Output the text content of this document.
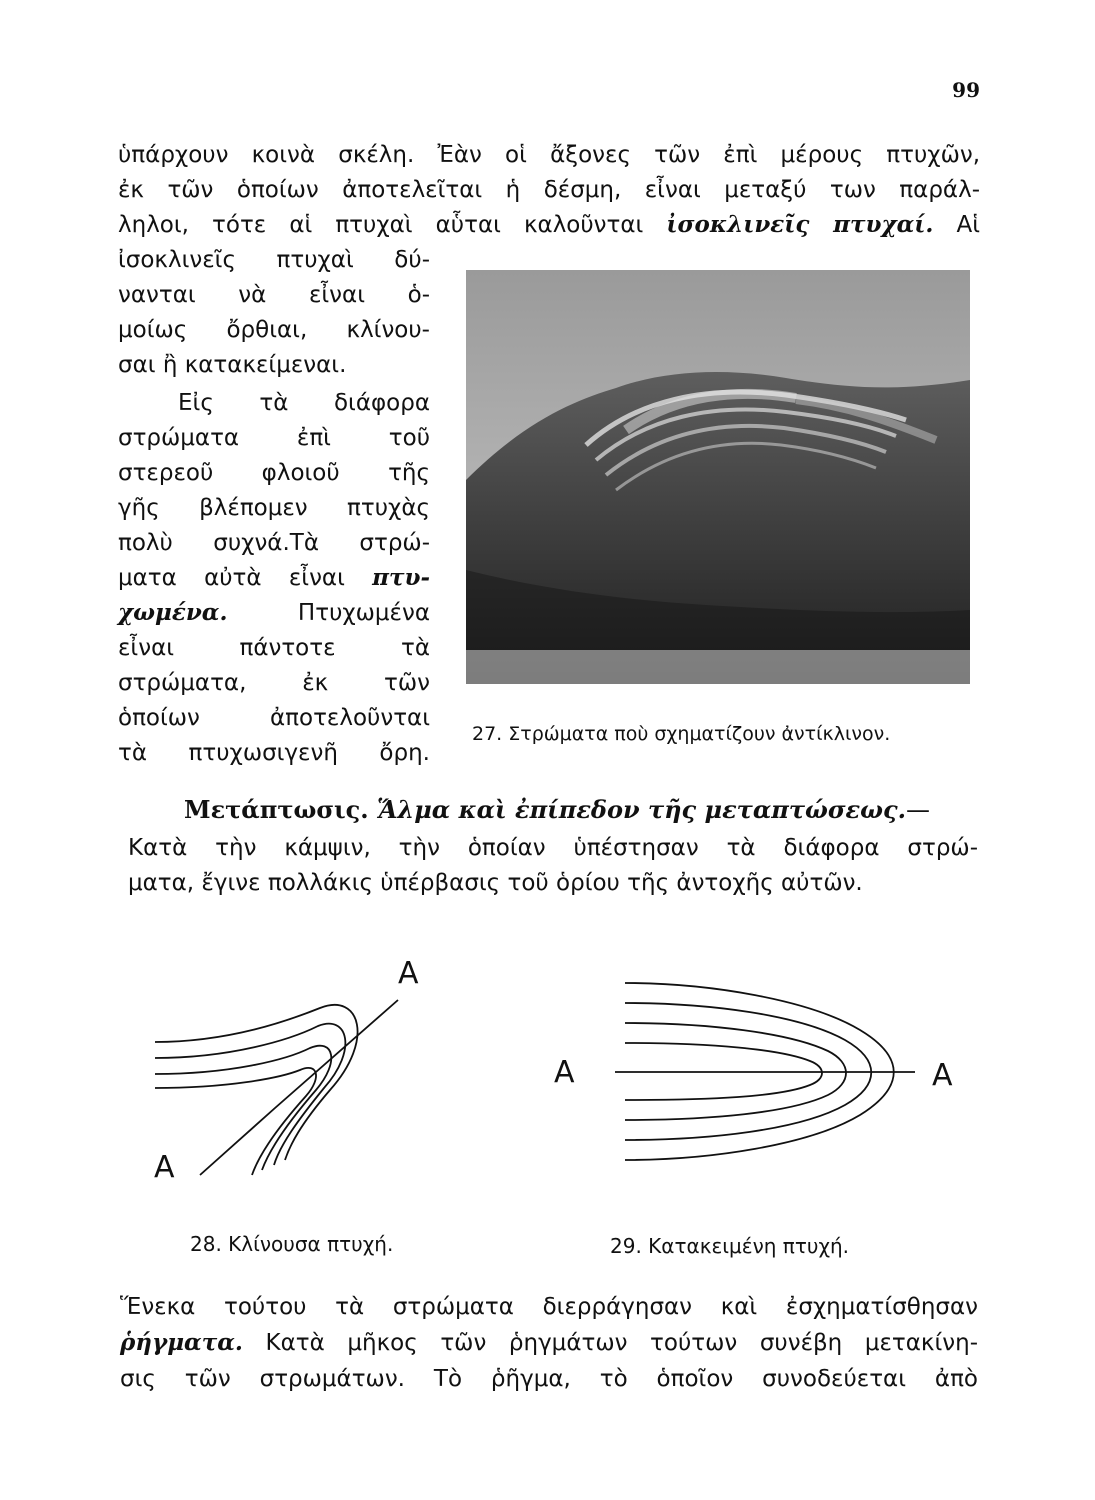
99
ὑπάρχουν κοινὰ σκέλη. Ἐὰν οἱ ἄξονες τῶν ἐπὶ μέρους πτυχῶν,
ἐκ τῶν ὁποίων ἀποτελεῖται ἡ δέσμη, εἶναι μεταξύ των παράλ-
ληλοι, τότε αἱ πτυχαὶ αὗται καλοῦνται ἰσοκλινεῖς πτυχαί. Αἱ
ἰσοκλινεῖς πτυχαὶ δύ-
νανται νὰ εἶναι ὁ-
μοίως ὄρθιαι, κλίνου-
σαι ἢ κατακείμεναι.
Εἰς τὰ διάφορα
στρώματα ἐπὶ τοῦ
στερεοῦ φλοιοῦ τῆς
γῆς βλέπομεν πτυχὰς
πολὺ συχνά.Τὰ στρώ-
ματα αὐτὰ εἶναι πτυ-
χωμένα. Πτυχωμένα
εἶναι πάντοτε τὰ
στρώματα, ἐκ τῶν
ὁποίων ἀποτελοῦνται
τὰ πτυχωσιγενῆ ὄρη.
27. Στρώματα ποὺ σχηματίζουν ἀντίκλινον.
Μετάπτωσις. Ἅλμα καὶ ἐπίπεδον τῆς μεταπτώσεως.—
Κατὰ τὴν κάμψιν, τὴν ὁποίαν ὑπέστησαν τὰ διάφορα στρώ-
ματα, ἔγινε πολλάκις ὑπέρβασις τοῦ ὁρίου τῆς ἀντοχῆς αὐτῶν.
A
A
28. Κλίνουσα πτυχή.
A	A
29. Κατακειμένη πτυχή.
Ἕνεκα τούτου τὰ στρώματα διερράγησαν καὶ ἐσχηματίσθησαν
ῥήγματα. Κατὰ μῆκος τῶν ῥηγμάτων τούτων συνέβη μετακίνη-
σις τῶν στρωμάτων. Τὸ ῥῆγμα, τὸ ὁποῖον συνοδεύεται ἀπὸ
